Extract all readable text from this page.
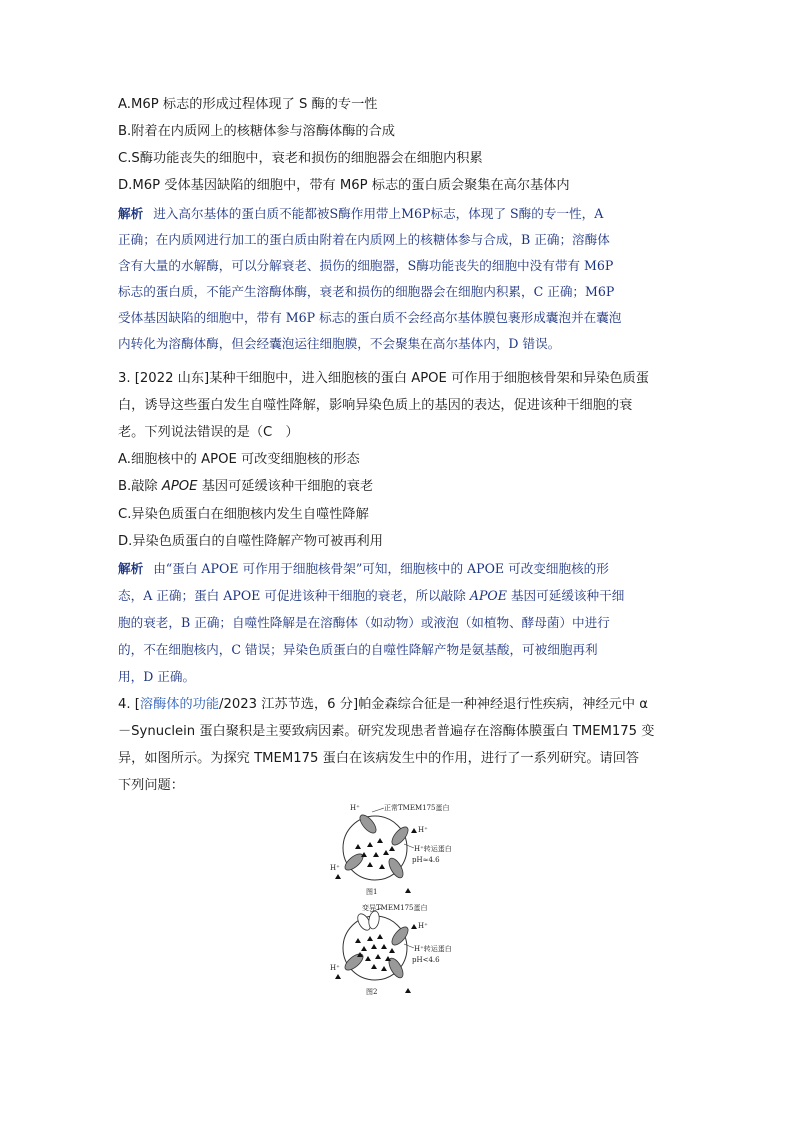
A.M6P 标志的形成过程体现了 S 酶的专一性
B.附着在内质网上的核糖体参与溶酶体酶的合成
C.S酶功能丧失的细胞中，衰老和损伤的细胞器会在细胞内积累
D.M6P 受体基因缺陷的细胞中，带有 M6P 标志的蛋白质会聚集在高尔基体内
解析 进入高尔基体的蛋白质不能都被S酶作用带上M6P标志，体现了 S酶的专一性，A
正确；在内质网进行加工的蛋白质由附着在内质网上的核糖体参与合成，B 正确；溶酶体
含有大量的水解酶，可以分解衰老、损伤的细胞器，S酶功能丧失的细胞中没有带有 M6P
标志的蛋白质，不能产生溶酶体酶，衰老和损伤的细胞器会在细胞内积累，C 正确；M6P
受体基因缺陷的细胞中，带有 M6P 标志的蛋白质不会经高尔基体膜包裹形成囊泡并在囊泡
内转化为溶酶体酶，但会经囊泡运往细胞膜，不会聚集在高尔基体内，D 错误。
3. [2022 山东]某种干细胞中，进入细胞核的蛋白 APOE 可作用于细胞核骨架和异染色质蛋
白，诱导这些蛋白发生自噬性降解，影响异染色质上的基因的表达，促进该种干细胞的衰
老。下列说法错误的是（C　）
A.细胞核中的 APOE 可改变细胞核的形态
B.敲除 APOE 基因可延缓该种干细胞的衰老
C.异染色质蛋白在细胞核内发生自噬性降解
D.异染色质蛋白的自噬性降解产物可被再利用
解析 由“蛋白 APOE 可作用于细胞核骨架”可知，细胞核中的 APOE 可改变细胞核的形
态，A 正确；蛋白 APOE 可促进该种干细胞的衰老，所以敲除 APOE 基因可延缓该种干细
胞的衰老，B 正确；自噬性降解是在溶酶体（如动物）或液泡（如植物、酵母菌）中进行
的，不在细胞核内，C 错误；异染色质蛋白的自噬性降解产物是氨基酸，可被细胞再利
用，D 正确。
4. [溶酶体的功能/2023 江苏节选，6 分]帕金森综合征是一种神经退行性疾病，神经元中 α
－Synuclein 蛋白聚积是主要致病因素。研究发现患者普遍存在溶酶体膜蛋白 TMEM175 变
异，如图所示。为探究 TMEM175 蛋白在该病发生中的作用，进行了一系列研究。请回答
下列问题：
H⁺	正常TMEM175蛋白
H⁺
H⁺转运蛋白
pH≈4.6
H⁺
图1
变异TMEM175蛋白
H⁺
H⁺转运蛋白
pH<4.6
H⁺
图2
